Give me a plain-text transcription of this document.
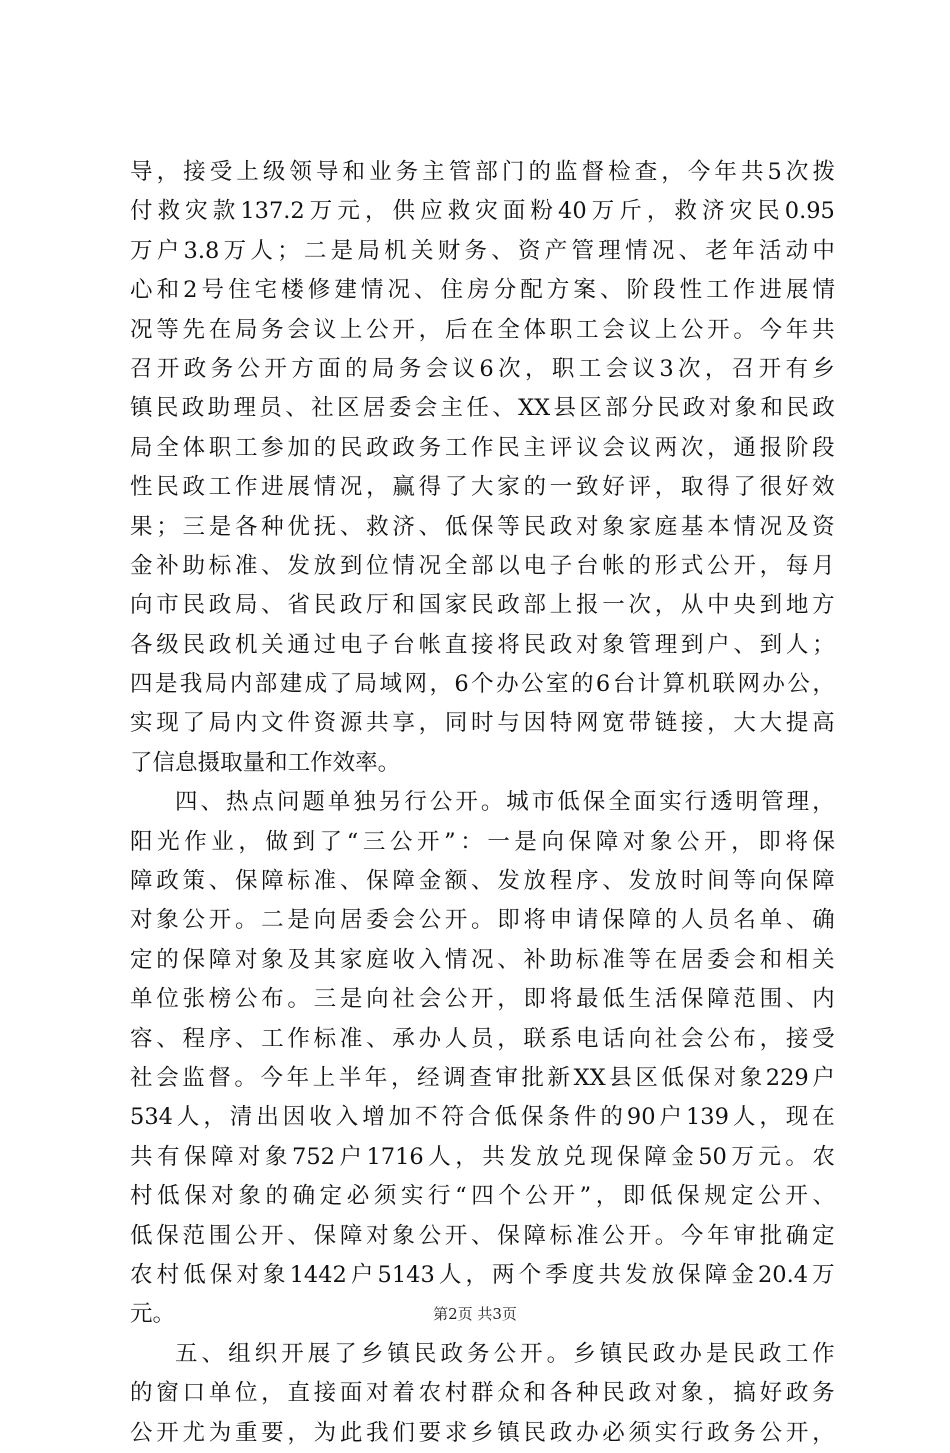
导 ， 接 受 上 级 领 导 和 业 务 主 管 部 门 的 监 督 检 查 ， 今 年 共 5 次 拨
付 救 灾 款 137.2 万 元 ， 供 应 救 灾 面 粉 40 万 斤 ， 救 济 灾 民 0.95
万 户 3.8 万 人 ； 二 是 局 机 关 财 务 、 资 产 管 理 情 况 、 老 年 活 动 中
心 和 2 号 住 宅 楼 修 建 情 况 、 住 房 分 配 方 案 、 阶 段 性 工 作 进 展 情
况 等 先 在 局 务 会 议 上 公 开 ， 后 在 全 体 职 工 会 议 上 公 开 。 今 年 共
召 开 政 务 公 开 方 面 的 局 务 会 议 6 次 ， 职 工 会 议 3 次 ， 召 开 有 乡
镇 民 政 助 理 员 、 社 区 居 委 会 主 任 、 XX 县 区 部 分 民 政 对 象 和 民 政
局 全 体 职 工 参 加 的 民 政 政 务 工 作 民 主 评 议 会 议 两 次 ， 通 报 阶 段
性 民 政 工 作 进 展 情 况 ， 赢 得 了 大 家 的 一 致 好 评 ， 取 得 了 很 好 效
果 ； 三 是 各 种 优 抚 、 救 济 、 低 保 等 民 政 对 象 家 庭 基 本 情 况 及 资
金 补 助 标 准 、 发 放 到 位 情 况 全 部 以 电 子 台 帐 的 形 式 公 开 ， 每 月
向 市 民 政 局 、 省 民 政 厅 和 国 家 民 政 部 上 报 一 次 ， 从 中 央 到 地 方
各 级 民 政 机 关 通 过 电 子 台 帐 直 接 将 民 政 对 象 管 理 到 户 、 到 人 ；
四 是 我 局 内 部 建 成 了 局 域 网 ， 6 个 办 公 室 的 6 台 计 算 机 联 网 办 公 ，
实 现 了 局 内 文 件 资 源 共 享 ， 同 时 与 因 特 网 宽 带 链 接 ， 大 大 提 高
了 信 息 摄 取 量 和 工 作 效 率 。
四 、 热 点 问 题 单 独 另 行 公 开 。 城 市 低 保 全 面 实 行 透 明 管 理 ，
阳 光 作 业 ， 做 到 了 “ 三 公 开 ” ： 一 是 向 保 障 对 象 公 开 ， 即 将 保
障 政 策 、 保 障 标 准 、 保 障 金 额 、 发 放 程 序 、 发 放 时 间 等 向 保 障
对 象 公 开 。 二 是 向 居 委 会 公 开 。 即 将 申 请 保 障 的 人 员 名 单 、 确
定 的 保 障 对 象 及 其 家 庭 收 入 情 况 、 补 助 标 准 等 在 居 委 会 和 相 关
单 位 张 榜 公 布 。 三 是 向 社 会 公 开 ， 即 将 最 低 生 活 保 障 范 围 、 内
容 、 程 序 、 工 作 标 准 、 承 办 人 员 ， 联 系 电 话 向 社 会 公 布 ， 接 受
社 会 监 督 。 今 年 上 半 年 ， 经 调 查 审 批 新 XX 县 区 低 保 对 象 229 户
534 人 ， 清 出 因 收 入 增 加 不 符 合 低 保 条 件 的 90 户 139 人 ， 现 在
共 有 保 障 对 象 752 户 1716 人 ， 共 发 放 兑 现 保 障 金 50 万 元 。 农
村 低 保 对 象 的 确 定 必 须 实 行 “ 四 个 公 开 ” ， 即 低 保 规 定 公 开 、
低 保 范 围 公 开 、 保 障 对 象 公 开 、 保 障 标 准 公 开 。 今 年 审 批 确 定
农 村 低 保 对 象 1442 户 5143 人 ， 两 个 季 度 共 发 放 保 障 金 20.4 万
元 。
五 、 组 织 开 展 了 乡 镇 民 政 务 公 开 。 乡 镇 民 政 办 是 民 政 工 作
的 窗 口 单 位 ， 直 接 面 对 着 农 村 群 众 和 各 种 民 政 对 象 ， 搞 好 政 务
公 开 尤 为 重 要 ， 为 此 我 们 要 求 乡 镇 民 政 办 必 须 实 行 政 务 公 开 ，
第2页 共3页
